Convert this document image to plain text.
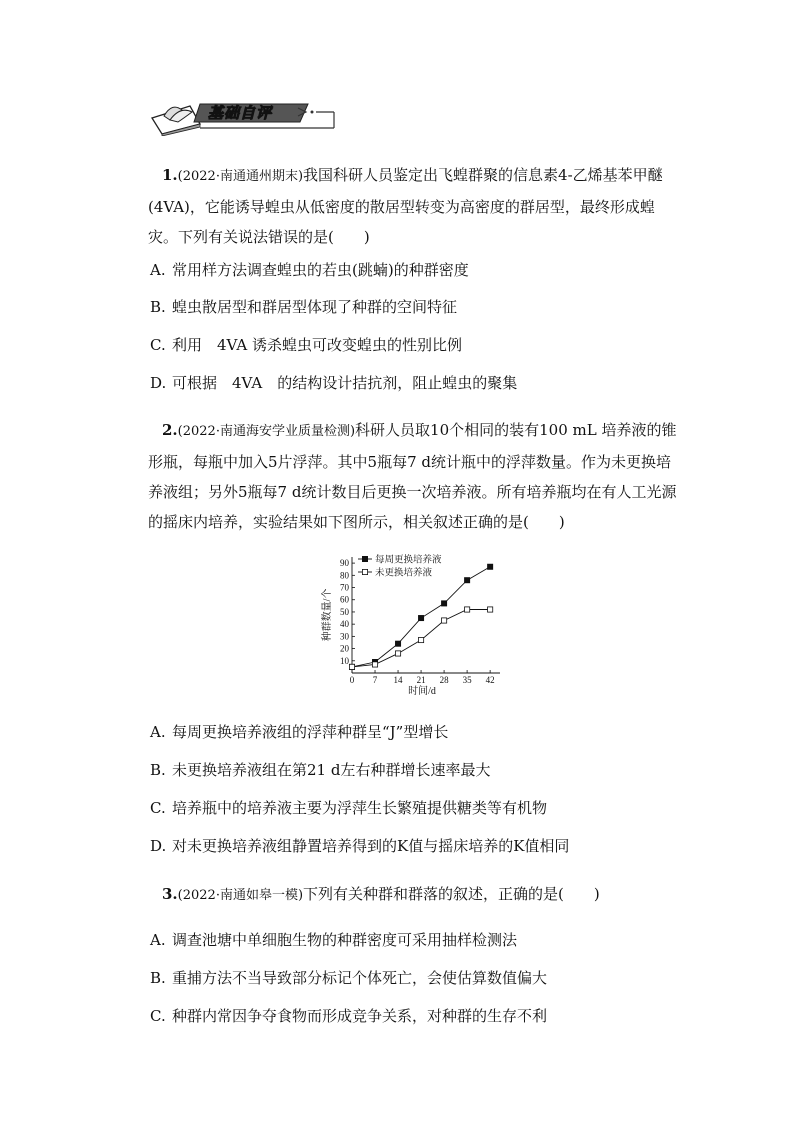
基础自评

1.(2022·南通通州期末)我国科研人员鉴定出飞蝗群聚的信息素4-乙烯基苯甲醚(4VA)，它能诱导蝗虫从低密度的散居型转变为高密度的群居型，最终形成蝗灾。下列有关说法错误的是(　　)

A. 常用样方法调查蝗虫的若虫(跳蝻)的种群密度
B. 蝗虫散居型和群居型体现了种群的空间特征
C. 利用　4VA 诱杀蝗虫可改变蝗虫的性别比例
D. 可根据　4VA　的结构设计拮抗剂，阻止蝗虫的聚集

2.(2022·南通海安学业质量检测)科研人员取10个相同的装有100 mL 培养液的锥形瓶，每瓶中加入5片浮萍。其中5瓶每7 d统计瓶中的浮萍数量。作为未更换培养液组；另外5瓶每7 d统计数目后更换一次培养液。所有培养瓶均在有人工光源的摇床内培养，实验结果如下图所示，相关叙述正确的是(　　)

0 7 14 21 28 35 42
10
20
30
40
50
60
70
80
90
时间/d
种群数量/个
每周更换培养液
未更换培养液
A. 每周更换培养液组的浮萍种群呈“J”型增长
B. 未更换培养液组在第21 d左右种群增长速率最大
C. 培养瓶中的培养液主要为浮萍生长繁殖提供糖类等有机物
D. 对未更换培养液组静置培养得到的K值与摇床培养的K值相同

3.(2022·南通如皋一模)下列有关种群和群落的叙述，正确的是(　　)

A. 调查池塘中单细胞生物的种群密度可采用抽样检测法
B. 重捕方法不当导致部分标记个体死亡，会使估算数值偏大
C. 种群内常因争夺食物而形成竞争关系，对种群的生存不利
